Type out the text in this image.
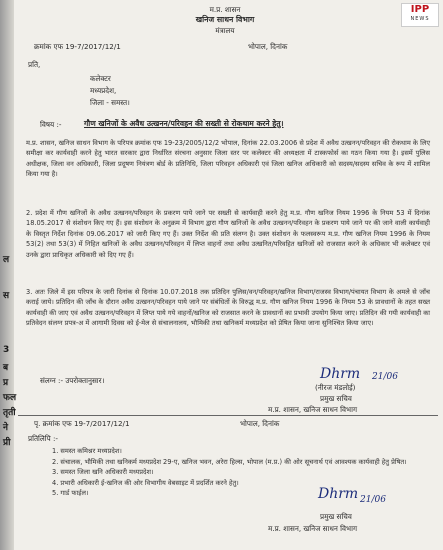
ल
स
3
ब
प्र
फल
तृती
ने
प्री
IPP
NEWS
म.प्र. शासन
खनिज साधन विभाग
मंत्रालय
क्रमांक एफ 19-7/2017/12/1	भोपाल, दिनांक
प्रति,
कलेक्टर
मध्यप्रदेश,
जिला - समस्त।
विषय :-	गौण खनिजों के अवैध उत्खनन/परिवहन की सख्ती से रोकथाम करने हेतु।
म.प्र. शासन, खनिज साधन विभाग के परिपत्र क्रमांक एफ 19-23/2005/12/2 भोपाल, दिनांक 22.03.2006 से प्रदेश में अवैध उत्खनन/परिवहन की रोकथाम के लिए समीक्षा कर कार्यवाही करने हेतु भारत सरकार द्वारा निर्धारित संरचना अनुसार जिला स्तर पर कलेक्टर की अध्यक्षता में टास्कफोर्स का गठन किया गया है। इसमें पुलिस अधीक्षक, जिला वन अधिकारी, जिला प्रदूषण नियंत्रण बोर्ड के प्रतिनिधि, जिला परिवहन अधिकारी एवं जिला खनिज अधिकारी को सदस्य/सदस्य सचिव के रूप में शामिल किया गया है।
2. प्रदेश में गौण खनिजों के अवैध उत्खनन/परिवहन के प्रकरण पाये जाने पर सख्ती से कार्यवाही करने हेतु म.प्र. गौण खनिज नियम 1996 के नियम 53 में दिनांक 18.05.2017 से संशोधन किए गए हैं। इस संशोधन के अनुक्रम में विभाग द्वारा गौण खनिजों के अवैध उत्खनन/परिवहन के प्रकरण पाये जाने पर की जाने वाली कार्यवाही के विस्तृत निर्देश दिनांक 09.06.2017 को जारी किए गए हैं। उक्त निर्देश की प्रति संलग्न है। उक्त संशोधन के फलस्वरूप म.प्र. गौण खनिज नियम 1996 के नियम 53(2) तथा 53(3) में निहित खनिजों के अवैध उत्खनन/परिवहन में लिप्त वाहनों तथा अवैध उत्खनित/परिवहित खनिजों को राजसात करने के अधिकार भी कलेक्टर एवं उनके द्वारा प्राधिकृत अधिकारी को दिए गए हैं।
3. अतः जिले में इस परिपत्र के जारी दिनांक से दिनांक 10.07.2018 तक प्रतिदिन पुलिस/वन/परिवहन/खनिज विभाग/राजस्व विभाग/पंचायत विभाग के अमले से जाँच कराई जाये। प्रतिदिन की जाँच के दौरान अवैध उत्खनन/परिवहन पाये जाने पर संबंधितों के विरुद्ध म.प्र. गौण खनिज नियम 1996 के नियम 53 के प्रावधानों के तहत सख्त कार्यवाही की जाए एवं अवैध उत्खनन/परिवहन में लिप्त पाये गये वाहनों/खनिज को राजसात करने के प्रावधानों का प्रभावी उपयोग किया जाए। प्रतिदिन की गयी कार्यवाही का प्रतिवेदन संलग्न प्रपत्र-अ में आगामी दिवस को ई-मेल से संचालनालय, भौमिकी तथा खनिकर्म मध्यप्रदेश को प्रेषित किया जाना सुनिश्चित किया जाए।
संलग्न :- उपरोक्तानुसार।	Dhrm 21/06
(नीरज मंडलोई)
प्रमुख सचिव
म.प्र. शासन, खनिज साधन विभाग
पृ. क्रमांक एफ 19-7/2017/12/1	भोपाल, दिनांक
प्रतिलिपि :-
1. समस्त कमिश्नर मध्यप्रदेश।
2. संचालक, भौमिकी तथा खनिकर्म मध्यप्रदेश 29-ए, खनिज भवन, अरेरा हिल्स, भोपाल (म.प्र.) की ओर सूचनार्थ एवं आवश्यक कार्यवाही हेतु प्रेषित।
3. समस्त जिला खनि अधिकारी मध्यप्रदेश।
4. प्रभारी अधिकारी ई-खनिज की ओर विभागीय वेबसाइट में प्रदर्शित करने हेतु।
5. गार्ड फाईल।	Dhrm 21/06
प्रमुख सचिव
म.प्र. शासन, खनिज साधन विभाग
